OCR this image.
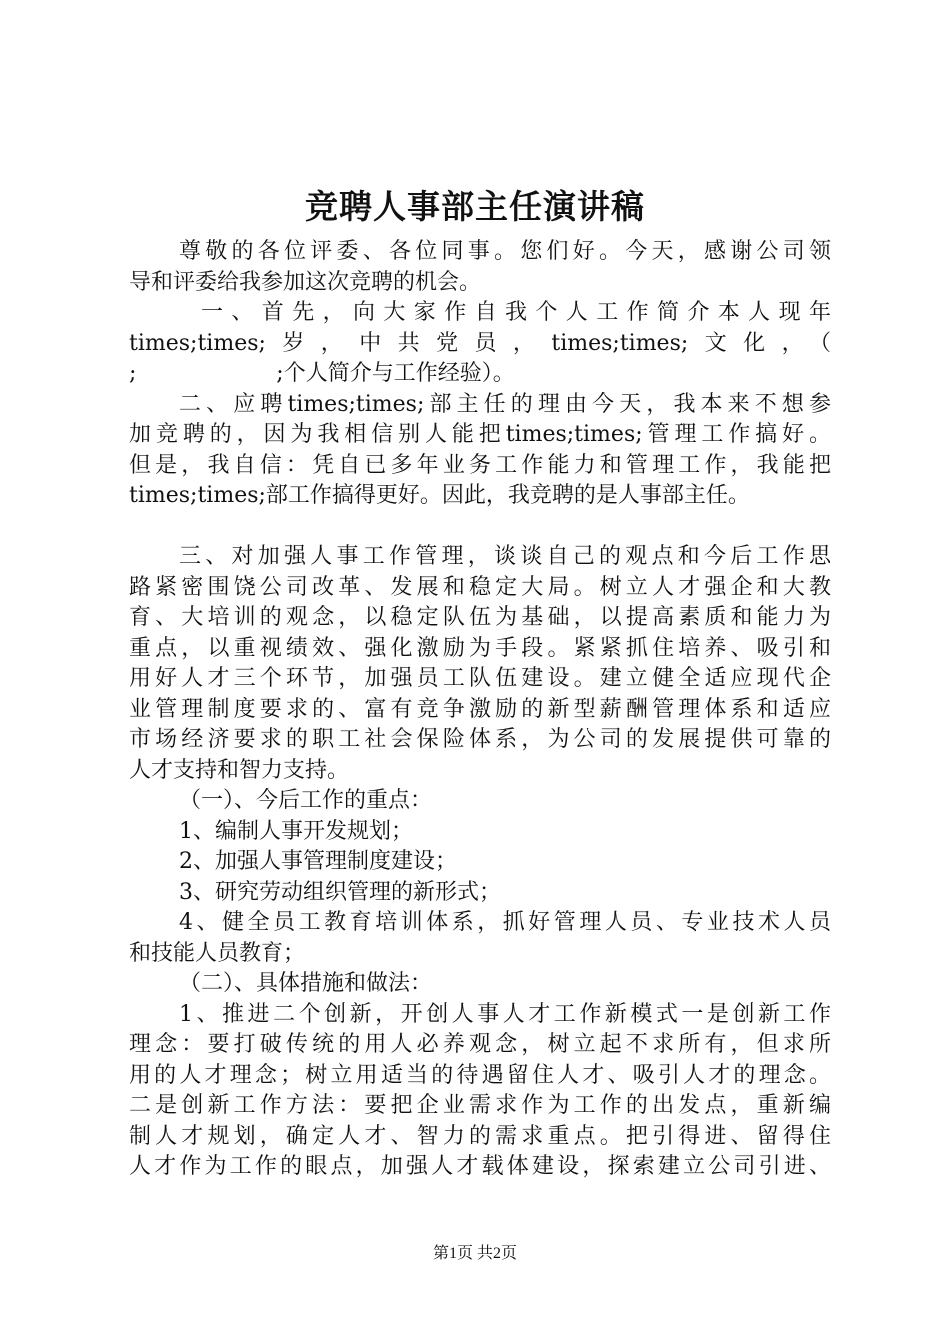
竞聘人事部主任演讲稿
尊敬的各位评委、各位同事。您们好。今天，感谢公司领
导和评委给我参加这次竞聘的机会。
一、首先，向大家作自我个人工作简介本人现年
times;times;岁，中共党员，times;times;文化，（
;                    ;个人简介与工作经验）。
二、应聘times;times;部主任的理由今天，我本来不想参
加竞聘的，因为我相信别人能把times;times;管理工作搞好。
但是，我自信：凭自已多年业务工作能力和管理工作，我能把
times;times;部工作搞得更好。因此，我竞聘的是人事部主任。
三、对加强人事工作管理，谈谈自己的观点和今后工作思
路紧密围饶公司改革、发展和稳定大局。树立人才强企和大教
育、大培训的观念，以稳定队伍为基础，以提高素质和能力为
重点，以重视绩效、强化激励为手段。紧紧抓住培养、吸引和
用好人才三个环节，加强员工队伍建设。建立健全适应现代企
业管理制度要求的、富有竞争激励的新型薪酬管理体系和适应
市场经济要求的职工社会保险体系，为公司的发展提供可靠的
人才支持和智力支持。
（一）、今后工作的重点：
1、编制人事开发规划；
2、加强人事管理制度建设；
3、研究劳动组织管理的新形式；
4、健全员工教育培训体系，抓好管理人员、专业技术人员
和技能人员教育；
（二）、具体措施和做法：
1、推进二个创新，开创人事人才工作新模式一是创新工作
理念：要打破传统的用人必养观念，树立起不求所有，但求所
用的人才理念；树立用适当的待遇留住人才、吸引人才的理念。
二是创新工作方法：要把企业需求作为工作的出发点，重新编
制人才规划，确定人才、智力的需求重点。把引得进、留得住
人才作为工作的眼点，加强人才载体建设，探索建立公司引进、
第1页 共2页
